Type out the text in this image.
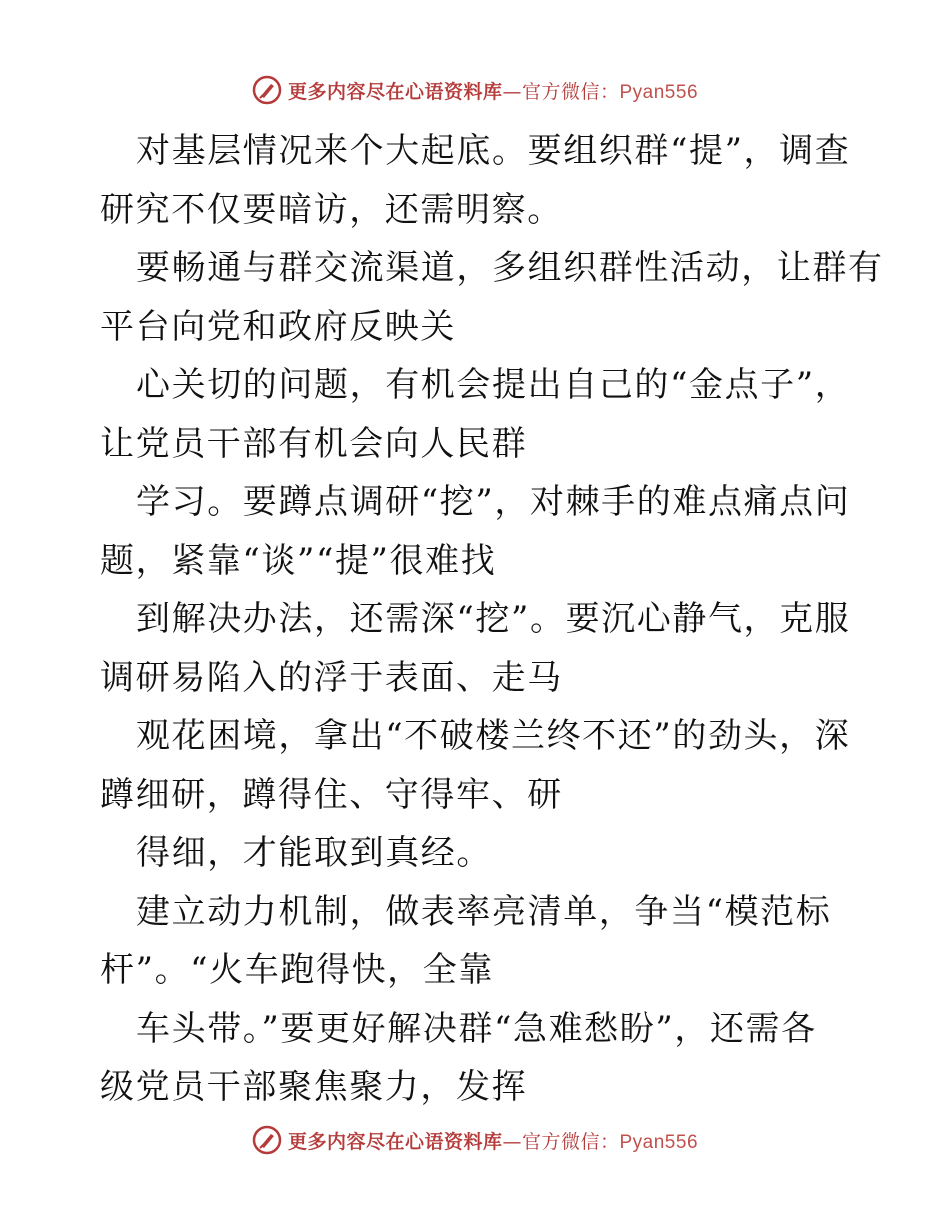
更多内容尽在心语资料库—官方微信：Pyan556
对基层情况来个大起底。要组织群“提”，调查
研究不仅要暗访，还需明察。
要畅通与群交流渠道，多组织群性活动，让群有
平台向党和政府反映关
心关切的问题，有机会提出自己的“金点子”，
让党员干部有机会向人民群
学习。要蹲点调研“挖”，对棘手的难点痛点问
题，紧靠“谈”“提”很难找
到解决办法，还需深“挖”。要沉心静气，克服
调研易陷入的浮于表面、走马
观花困境，拿出“不破楼兰终不还”的劲头，深
蹲细研，蹲得住、守得牢、研
得细，才能取到真经。
建立动力机制，做表率亮清单，争当“模范标
杆”。“火车跑得快，全靠
车头带。”要更好解决群“急难愁盼”，还需各
级党员干部聚焦聚力，发挥
更多内容尽在心语资料库—官方微信：Pyan556
